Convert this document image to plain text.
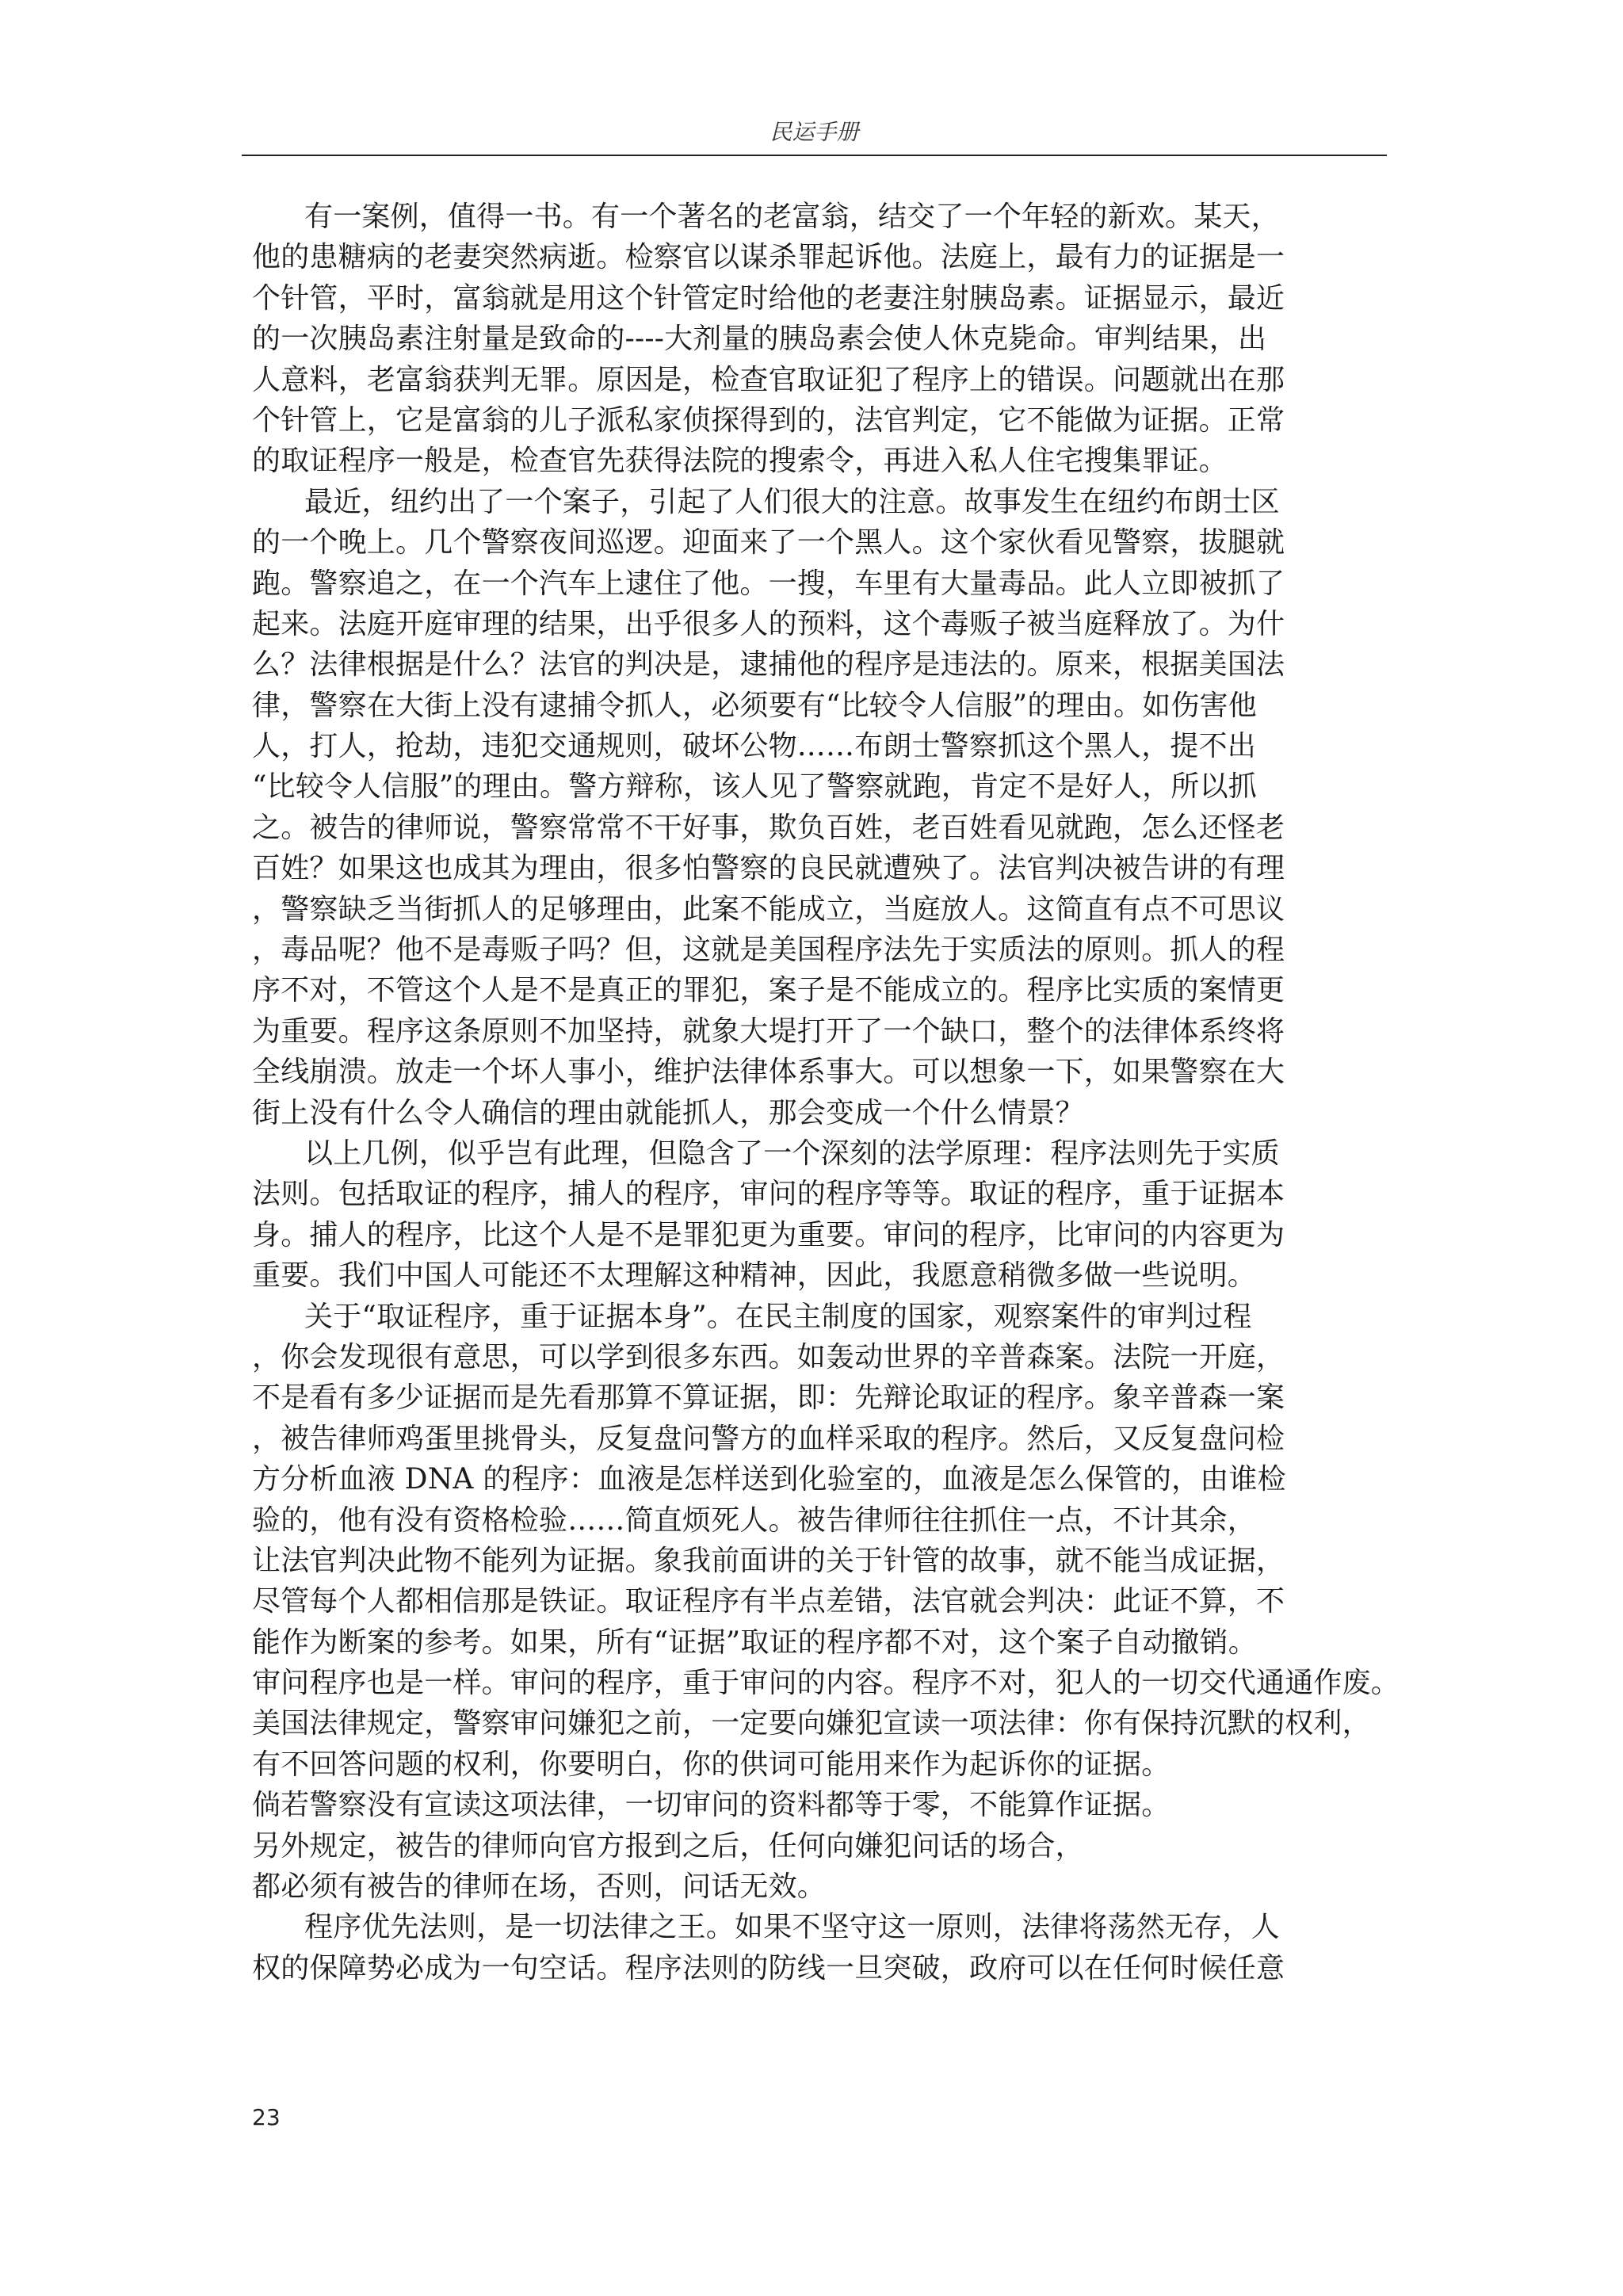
民运手册
有一案例，值得一书。有一个著名的老富翁，结交了一个年轻的新欢。某天，
他的患糖病的老妻突然病逝。检察官以谋杀罪起诉他。法庭上，最有力的证据是一
个针管，平时，富翁就是用这个针管定时给他的老妻注射胰岛素。证据显示，最近
的一次胰岛素注射量是致命的----大剂量的胰岛素会使人休克毙命。审判结果，出
人意料，老富翁获判无罪。原因是，检查官取证犯了程序上的错误。问题就出在那
个针管上，它是富翁的儿子派私家侦探得到的，法官判定，它不能做为证据。正常
的取证程序一般是，检查官先获得法院的搜索令，再进入私人住宅搜集罪证。
最近，纽约出了一个案子，引起了人们很大的注意。故事发生在纽约布朗士区
的一个晚上。几个警察夜间巡逻。迎面来了一个黑人。这个家伙看见警察，拔腿就
跑。警察追之，在一个汽车上逮住了他。一搜，车里有大量毒品。此人立即被抓了
起来。法庭开庭审理的结果，出乎很多人的预料，这个毒贩子被当庭释放了。为什
么？法律根据是什么？法官的判决是，逮捕他的程序是违法的。原来，根据美国法
律，警察在大街上没有逮捕令抓人，必须要有“比较令人信服”的理由。如伤害他
人，打人，抢劫，违犯交通规则，破坏公物……布朗士警察抓这个黑人，提不出
“比较令人信服”的理由。警方辩称，该人见了警察就跑，肯定不是好人，所以抓
之。被告的律师说，警察常常不干好事，欺负百姓，老百姓看见就跑，怎么还怪老
百姓？如果这也成其为理由，很多怕警察的良民就遭殃了。法官判决被告讲的有理
，警察缺乏当街抓人的足够理由，此案不能成立，当庭放人。这简直有点不可思议
，毒品呢？他不是毒贩子吗？但，这就是美国程序法先于实质法的原则。抓人的程
序不对，不管这个人是不是真正的罪犯，案子是不能成立的。程序比实质的案情更
为重要。程序这条原则不加坚持，就象大堤打开了一个缺口，整个的法律体系终将
全线崩溃。放走一个坏人事小，维护法律体系事大。可以想象一下，如果警察在大
街上没有什么令人确信的理由就能抓人，那会变成一个什么情景？
以上几例，似乎岂有此理，但隐含了一个深刻的法学原理：程序法则先于实质
法则。包括取证的程序，捕人的程序，审问的程序等等。取证的程序，重于证据本
身。捕人的程序，比这个人是不是罪犯更为重要。审问的程序，比审问的内容更为
重要。我们中国人可能还不太理解这种精神，因此，我愿意稍微多做一些说明。
关于“取证程序，重于证据本身”。在民主制度的国家，观察案件的审判过程
，你会发现很有意思，可以学到很多东西。如轰动世界的辛普森案。法院一开庭，
不是看有多少证据而是先看那算不算证据，即：先辩论取证的程序。象辛普森一案
，被告律师鸡蛋里挑骨头，反复盘问警方的血样采取的程序。然后，又反复盘问检
方分析血液 DNA 的程序：血液是怎样送到化验室的，血液是怎么保管的，由谁检
验的，他有没有资格检验……简直烦死人。被告律师往往抓住一点，不计其余，
让法官判决此物不能列为证据。象我前面讲的关于针管的故事，就不能当成证据，
尽管每个人都相信那是铁证。取证程序有半点差错，法官就会判决：此证不算，不
能作为断案的参考。如果，所有“证据”取证的程序都不对，这个案子自动撤销。
审问程序也是一样。审问的程序，重于审问的内容。程序不对，犯人的一切交代通通作废。
美国法律规定，警察审问嫌犯之前，一定要向嫌犯宣读一项法律：你有保持沉默的权利，
有不回答问题的权利，你要明白，你的供词可能用来作为起诉你的证据。
倘若警察没有宣读这项法律，一切审问的资料都等于零，不能算作证据。
另外规定，被告的律师向官方报到之后，任何向嫌犯问话的场合，
都必须有被告的律师在场，否则，问话无效。
程序优先法则，是一切法律之王。如果不坚守这一原则，法律将荡然无存，人
权的保障势必成为一句空话。程序法则的防线一旦突破，政府可以在任何时候任意
23
